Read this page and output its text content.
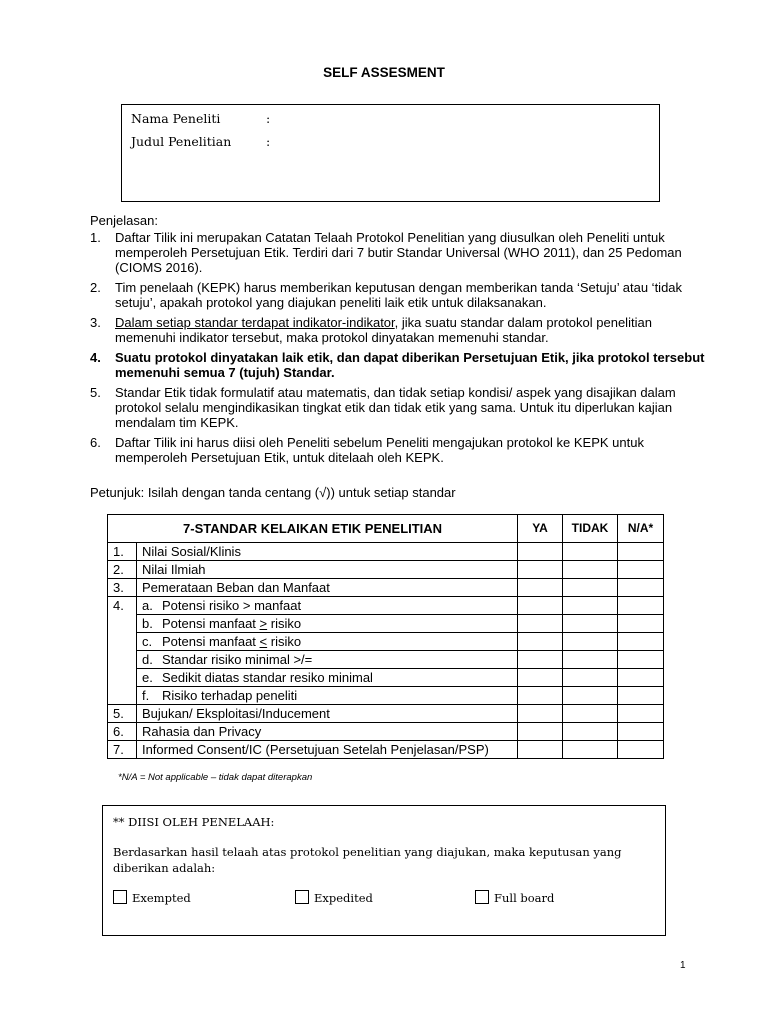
SELF ASSESMENT
Nama Peneliti	:
Judul Penelitian	:
Penjelasan:
1. Daftar Tilik ini merupakan Catatan Telaah Protokol Penelitian yang diusulkan oleh Peneliti untuk memperoleh Persetujuan Etik. Terdiri dari 7 butir Standar Universal (WHO 2011), dan 25 Pedoman (CIOMS 2016).
2. Tim penelaah (KEPK) harus memberikan keputusan dengan memberikan tanda ‘Setuju’ atau ‘tidak setuju’, apakah protokol yang diajukan peneliti laik etik untuk dilaksanakan.
3. Dalam setiap standar terdapat indikator-indikator, jika suatu standar dalam protokol penelitian memenuhi indikator tersebut, maka protokol dinyatakan memenuhi standar.
4. Suatu protokol dinyatakan laik etik, dan dapat diberikan Persetujuan Etik, jika protokol tersebut memenuhi semua 7 (tujuh) Standar.
5. Standar Etik tidak formulatif atau matematis, dan tidak setiap kondisi/ aspek yang disajikan dalam protokol selalu mengindikasikan tingkat etik dan tidak etik yang sama. Untuk itu diperlukan kajian mendalam tim KEPK.
6. Daftar Tilik ini harus diisi oleh Peneliti sebelum Peneliti mengajukan protokol ke KEPK untuk memperoleh Persetujuan Etik, untuk ditelaah oleh KEPK.
Petunjuk: Isilah dengan tanda centang (√)) untuk setiap standar
7-STANDAR KELAIKAN ETIK PENELITIAN		YA	TIDAK	N/A*
1.	Nilai Sosial/Klinis			
2.	Nilai Ilmiah			
3.	Pemerataan Beban dan Manfaat			
4.	a. Potensi risiko > manfaat			
	b. Potensi manfaat > risiko			
	c. Potensi manfaat < risiko			
	d. Standar risiko minimal >/=			
	e. Sedikit diatas standar resiko minimal			
	f. Risiko terhadap peneliti			
5.	Bujukan/ Eksploitasi/Inducement			
6.	Rahasia dan Privacy			
7.	Informed Consent/IC (Persetujuan Setelah Penjelasan/PSP)			
*N/A = Not applicable – tidak dapat diterapkan
** DIISI OLEH PENELAAH:
Berdasarkan hasil telaah atas protokol penelitian yang diajukan, maka keputusan yang diberikan adalah:
Exempted	Expedited	Full board
1
